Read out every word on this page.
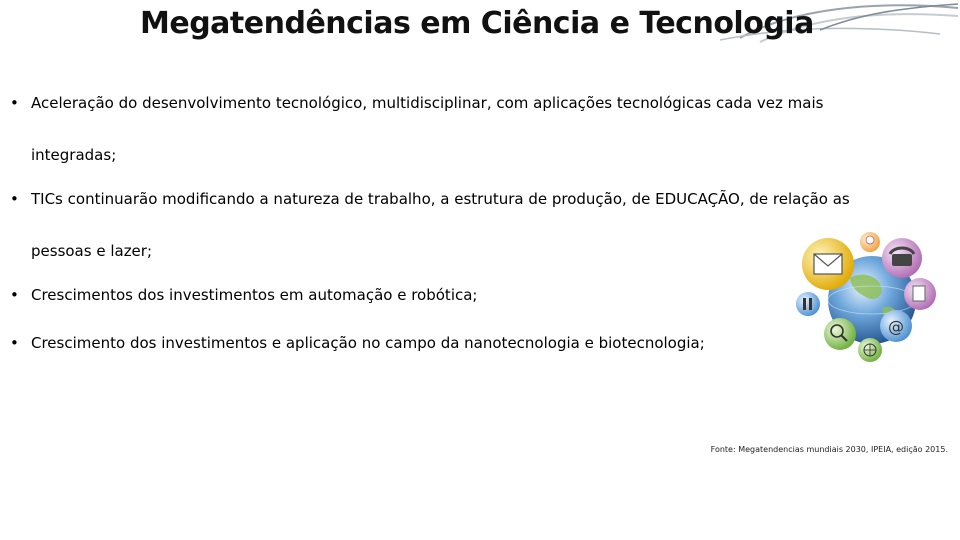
Megatendências em Ciência e Tecnologia
• Aceleração do desenvolvimento tecnológico, multidisciplinar, com aplicações tecnológicas cada vez mais
integradas;
• TICs continuarão modificando a natureza de trabalho, a estrutura de produção, de EDUCAÇÃO, de relação as
pessoas e lazer;
• Crescimentos dos investimentos em automação e robótica;
• Crescimento dos investimentos e aplicação no campo da nanotecnologia e biotecnologia;
@
Fonte: Megatendencias mundiais 2030, IPEIA, edição 2015.
